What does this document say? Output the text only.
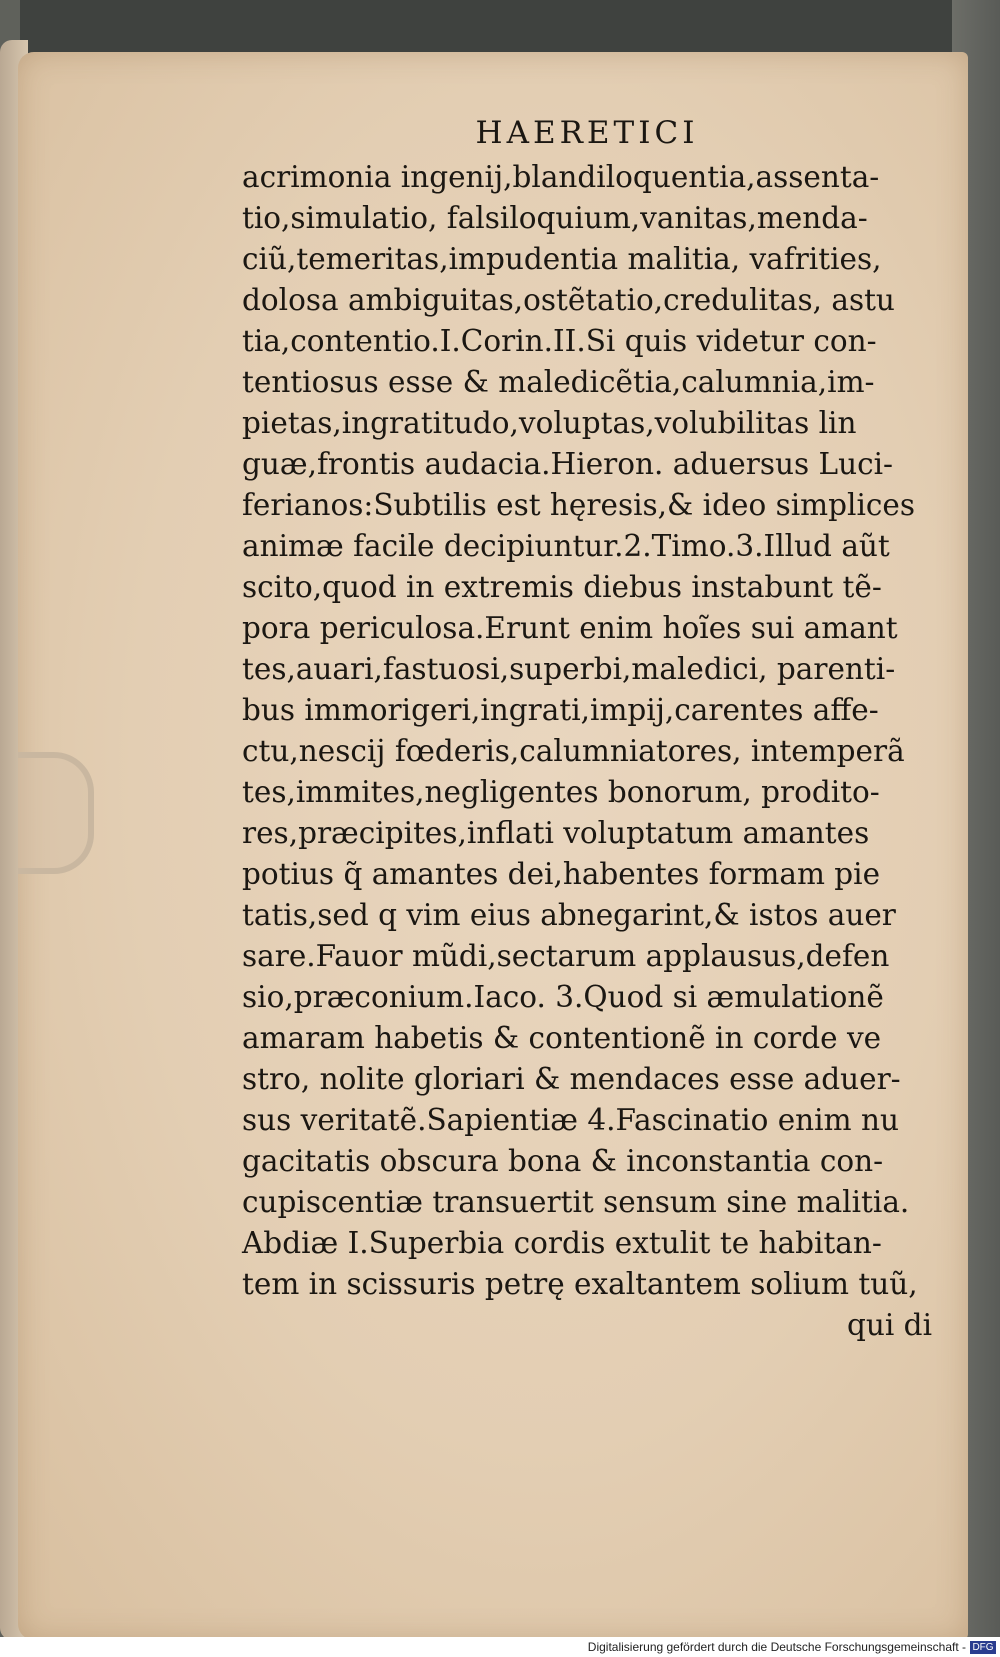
HAERETICI
acrimonia ingenij,blandiloquentia,assenta-
tio,simulatio, falsiloquium,vanitas,menda-
ciũ,temeritas,impudentia malitia, vafrities,
dolosa ambiguitas,ostẽtatio,credulitas, astu
tia,contentio.I.Corin.II.Si quis videtur con-
tentiosus esse & maledicẽtia,calumnia,im-
pietas,ingratitudo,voluptas,volubilitas lin
guæ,frontis audacia.Hieron. aduersus Luci-
ferianos:Subtilis est hęresis,& ideo simplices
animæ facile decipiuntur.2.Timo.3.Illud aũt
scito,quod in extremis diebus instabunt tẽ-
pora periculosa.Erunt enim hoĩes sui amant
tes,auari,fastuosi,superbi,maledici, parenti-
bus immorigeri,ingrati,impij,carentes affe-
ctu,nescij fœderis,calumniatores, intemperã
tes,immites,negligentes bonorum, prodito-
res,præcipites,inflati voluptatum amantes
potius q̃ amantes dei,habentes formam pie
tatis,sed q vim eius abnegarint,& istos auer
sare.Fauor mũdi,sectarum applausus,defen
sio,præconium.Iaco. 3.Quod si æmulationẽ
amaram habetis & contentionẽ in corde ve
stro, nolite gloriari & mendaces esse aduer-
sus veritatẽ.Sapientiæ 4.Fascinatio enim nu
gacitatis obscura bona & inconstantia con-
cupiscentiæ transuertit sensum sine malitia.
Abdiæ I.Superbia cordis extulit te habitan-
tem in scissuris petrę exaltantem solium tuũ,
qui di
Digitalisierung gefördert durch die Deutsche Forschungsgemeinschaft - DFG
